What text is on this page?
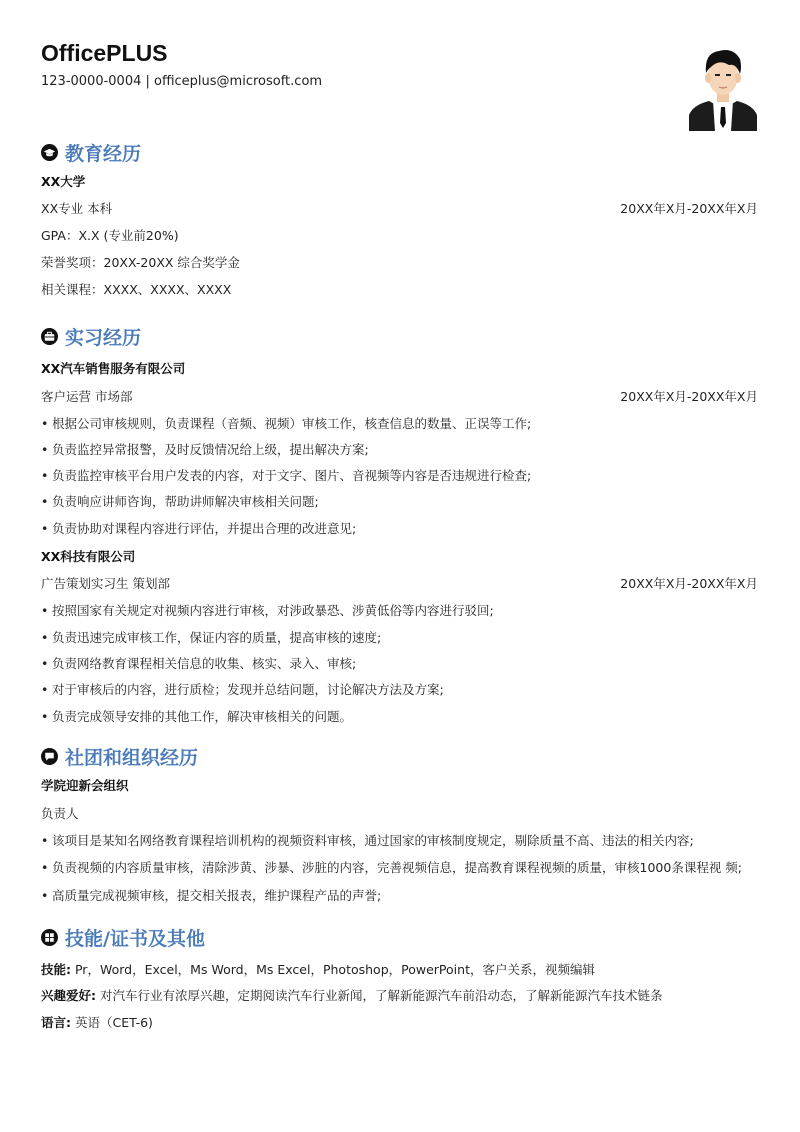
OfficePLUS
123-0000-0004 | officeplus@microsoft.com
教育经历
XX大学
XX专业 本科	20XX年X月-20XX年X月
GPA：X.X (专业前20%)
荣誉奖项：20XX-20XX 综合奖学金
相关课程：XXXX、XXXX、XXXX
实习经历
XX汽车销售服务有限公司
客户运营 市场部	20XX年X月-20XX年X月
• 根据公司审核规则，负责课程（音频、视频）审核工作，核查信息的数量、正误等工作;
• 负责监控异常报警，及时反馈情况给上级，提出解决方案;
• 负责监控审核平台用户发表的内容，对于文字、图片、音视频等内容是否违规进行检查;
• 负责响应讲师咨询，帮助讲师解决审核相关问题;
• 负责协助对课程内容进行评估，并提出合理的改进意见;
XX科技有限公司
广告策划实习生 策划部	20XX年X月-20XX年X月
• 按照国家有关规定对视频内容进行审核，对涉政暴恐、涉黄低俗等内容进行驳回;
• 负责迅速完成审核工作，保证内容的质量，提高审核的速度;
• 负责网络教育课程相关信息的收集、核实、录入、审核;
• 对于审核后的内容，进行质检；发现并总结问题，讨论解决方法及方案;
• 负责完成领导安排的其他工作，解决审核相关的问题。
社团和组织经历
学院迎新会组织
负责人
• 该项目是某知名网络教育课程培训机构的视频资料审核，通过国家的审核制度规定，剔除质量不高、违法的相关内容;
• 负责视频的内容质量审核，清除涉黄、涉暴、涉脏的内容，完善视频信息，提高教育课程视频的质量，审核1000条课程视 频;
• 高质量完成视频审核，提交相关报表，维护课程产品的声誉;
技能/证书及其他
技能: Pr，Word，Excel，Ms Word，Ms Excel，Photoshop，PowerPoint，客户关系，视频编辑
兴趣爱好: 对汽车行业有浓厚兴趣，定期阅读汽车行业新闻，了解新能源汽车前沿动态，了解新能源汽车技术链条
语言: 英语（CET-6)
